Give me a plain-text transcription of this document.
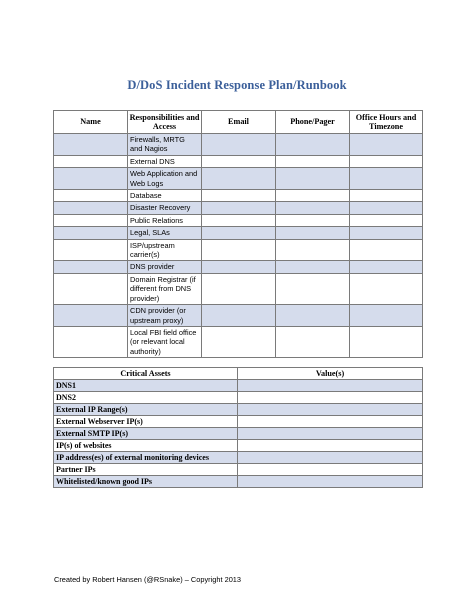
D/DoS Incident Response Plan/Runbook
Name	Responsibilities and Access	Email	Phone/Pager	Office Hours and Timezone
	Firewalls, MRTG and Nagios			
	External DNS			
	Web Application and Web Logs			
	Database			
	Disaster Recovery			
	Public Relations			
	Legal, SLAs			
	ISP/upstream carrier(s)			
	DNS provider			
	Domain Registrar (if different from DNS provider)			
	CDN provider (or upstream proxy)			
	Local FBI field office (or relevant local authority)			
Critical Assets	Value(s)
DNS1	
DNS2	
External IP Range(s)	
External Webserver IP(s)	
External SMTP IP(s)	
IP(s) of websites	
IP address(es) of external monitoring devices	
Partner IPs	
Whitelisted/known good IPs	
Created by Robert Hansen (@RSnake) – Copyright 2013
